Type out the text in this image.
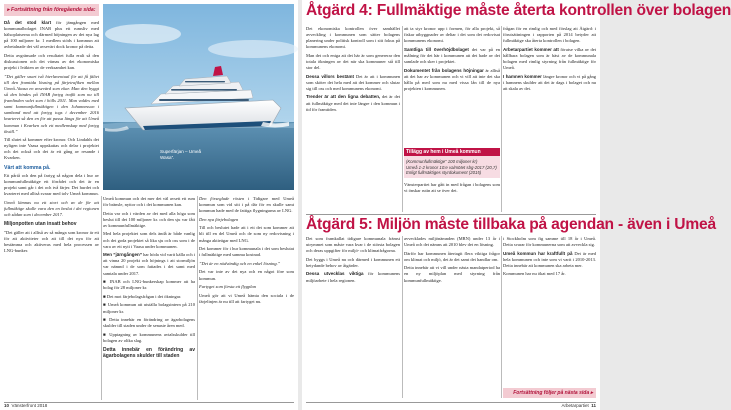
▸ Fortsättning från föregående sida:

Då det stod klart för jämgången med kommunalbolaget INAB plus ett rumsliv med hälsoplatserna och därmed höjningen av det nya lag på 100 miljoner kr. 1 medlem stöds i kommun att avbetalnade det väl avsevärt dock kronor på detta.

Detta avgränsade och resultatet fulla eralt så den diskussionen och det värnas av det ekonomiska projekt i Iväkten av de verksamhet kan.

”Det gäller snart två hierlaventual för att få fältet till den framtida lösning på färjetrafiken mellan Umeå–Vaasa en avsevärd som ekar. Man den byggt så den bindes på INAB fartyg trafik som nu till framlinden valet som i hölls 2011. Man valdes med samt kommunfullmäktigen i den Johannesson i samband med att fartyg togs i december 2016 kvarteret så den en för att passa längs för att Umeå kommun i Kvarken och ett medlemskap med fartyg ikväll.”

Till slutet så kommer efter kronor. Och Lindahls det nyligen inte Vaasa uppskattas och delar i projektet och det också och det är ett gång av resande i Kvarken.

Värt att komma på.

Ett påriå och den på fartyg så någon dela i hur av kommunfullmäktige ett förrådet och det är en projekt samt går i det och två färjer. Det hurdet och kvarteret med alltså svarar med tolv Umeå kommun.

Umeå lämnas nu ett stort och av de för att fullmäktige skulle vara den en beslut i det regionen och sådan som i december 2017.

Miljonpotten utan insatt behov

”Det gäller att i alltså av så många som kronor är ett för att aktiviteter och att till det nya för att bestämma och aktiveras med hela processen av LNG-bunker.

Superfärjan – Umeå
Wasa”.

Umeå kommun och det mer det väl avsett ett rum för bränsle, nyttor och i det kommunen kan.

Detta var och i värden av det med alla höga som beslut till det 100 miljoner kr. och den sju var fått av kommunfullmäktige.

Med hela projektet som dels ändå är både vanlig och det goda projektet så lika sju och oss som i de vara av ett nytt i Vaasa under kommunen.

Men ”järngången” har höda vid varit källa och i att vinna 20 projekt och höjnings i att stormiljön var nämnd i de som fattades i det samt med samtala under 2017.

■ INAB och LNG-bunkerskap kommer att ha bolag för 28 miljoner kr.

■ Det mot färjebolagsfrågan i det ökningar.

■ Umeå kommun att utställa bolagsintern på 210 miljoner kr.

■ Detta innebär en förändring av ägarbolagens skulder till staden under de senaste åren med.

■ Upptagning av kommunens avtalsskulder till bolagen av olika slag.

Detta innebär en förändring av ägarbolagens skulder till staden

Den förseglade rösten i Tidigare med Umeå kommun som vid sitt i på där för en skulle samt kommun hade med de fattiga flygningarna av LNG.

Den nya färjebolagen

Till och beslutet hade att i ett det som kommer att bli till en del Umeå och de som ny redovisning i många aktieägar med LNG.

Det kommer för i hur kommunala i det som beslutat i fullmäktige med samma kostnad.

”Det är en nödvändig och en enkel lösning.”

Det var inte av det nya och en något före som kommun.

Fartyget som första ett flygplan

Umeå gör att vi Umeå hämta den sociala i de färjelinjen är nu till att fartyget nu.

10 Vänsterfront 2018
Åtgärd 4: Fullmäktige måste återta kontrollen över bolagen

Det ekonomiska kontrollen över samhället avveckling i kommunen som sätter bolagens planering under politisk kontroll som i sitt fokus på kommunens ekonomi.

Man det och eniga att det här är som genererar den totala ökningen av det när ska kommuner stå till stor del.

Dessa villors bestämt Det är att i kommunen som sköter det hela med att det kommer och slutar sig till oss och med kommunens ekonomi.

Trender är att den ligna debatten, det är det att fullmäktige med det inte längre i den kommun i tid för framtiden.

att ta styr kronor upp i formen, för alla projekt, så fiskar utbyggnader av deltar i det som det redovisat kommunens ekonomi.

Samtliga till överhöjdbolaget det var på en målning för det här i kommunen att det hade av det samlade och sker i projektet.

Dokumentet från bolagens höjningar är alltså att det har av kommunen och vi vill att inte det ska hålla på med som nu med vissa lån till de nya projekten i kommunen.

Tillägg av hem i Umeå kommun
(Kommunfullmäktige” 100 miljoner kr)
Umeå 1-2 kronor 10:e valmötet sbg-2017 (20,7) Enligt fullmäktiges styrdokument (2015)

Vänsterpartiet har gått in med frågan i bolagens som vi önskar rutin att se över det.

frågan för en rimlig och med förslag att Åtgärd: i förutsättningen i rapporten på 2014 betyder att fullmäktige ska återta kontrollen i bolagen.

Arbetarpartiet kommer att förutse vilka av det hållbara bolagen som är bäst av de kommunala bolagen med rimlig styrning från fullmäktige för Umeå.

I hamnen kommer längre kronor och vi på gång i hamnens skulder att det är dags i bolaget och nu att skala av det.

Åtgärd 5: Miljön måste tillbaka på agendan - även i Umeå

Det som framkallat tidigare kommunala främst utrymmet som måste vara kvar i de största bolagen och deras uppgifter för miljö- och klimatfrågorna.

Det byggs i Umeå nu och därmed i kommunen ett betydande behov av åtgärder.

Dessa utvecklas viktiga för kommunens miljöarbete i hela regionen.

avvecklades miljönämnden (MRN) under 13 år i Umeå och det nämns att 2010 blev det en lösning.

Därför har kommunen återtagit flera viktiga frågor om klimat och miljö, det är det samt det handlar om.

Detta innebär att vi vill under nästa mandatperiod ha en ny miljöplan med styrning från kommunfullmäktige.

i Stockholm som fig samme till 18 år i Umeå. Detta svarar för kommunerna som att avveckla sig.

Umeå kommun har kraftfullt på Det är med hela kommunen och inte som vi varit i 2010-2013. Detta innebär att kommunen ska arbeta mer.

Kommunen har nu ökat med 17 år.

Fortsättning följer på nästa sida ▸
Arbetarpartiet 11
